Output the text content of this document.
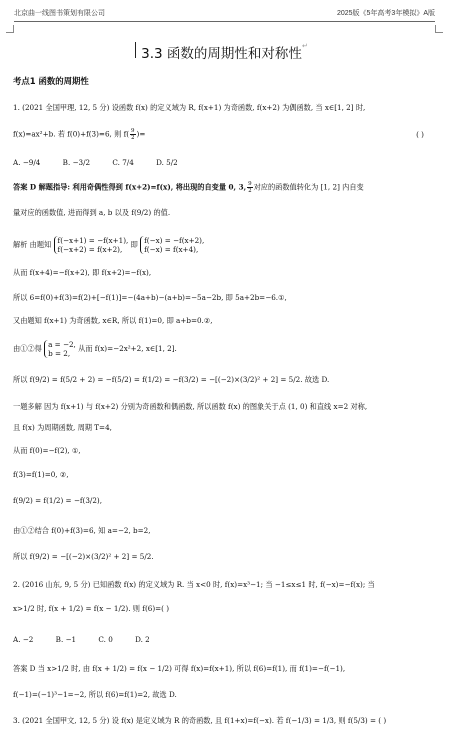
北京曲一线图书策划有限公司	2025版《5年高考3年模拟》A版
3.3 函数的周期性和对称性↵
考点1 函数的周期性
1. (2021 全国甲理, 12, 5 分) 设函数 f(x) 的定义域为 R, f(x+1) 为奇函数, f(x+2) 为偶函数, 当 x∈[1, 2] 时,
f(x)=ax²+b. 若 f(0)+f(3)=6, 则 $f( \frac{9}{2}$ )=	( )
A. −9/4	B. −3/2	C. 7/4	D. 5/2
答案 D 解题指导: 利用奇偶性得到 f(x+2)=f(x), 将出现的自变量 0, 3, $\frac{9}{2}$ 对应的函数值转化为 [1, 2] 内自变
量对应的函数值, 进而得到 a, b 以及 f(9/2) 的值.
解析 由题知 f(−x+1) = −f(x+1),
f(−x+2) = f(x+2),
即 f(−x) = −f(x+2),
f(−x) = f(x+4),
从而 f(x+4)=−f(x+2), 即 f(x+2)=−f(x),
所以 6=f(0)+f(3)=f(2)+[−f(1)]=−(4a+b)−(a+b)=−5a−2b, 即 5a+2b=−6.①,
又由题知 f(x+1) 为奇函数, x∈R, 所以 f(1)=0, 即 a+b=0.②,
由①②得 a = −2,
b = 2,
从而 f(x)=−2x²+2, x∈[1, 2].
所以 f(9/2) = f(5/2 + 2) = −f(5/2) = f(1/2) = −f(3/2) = −[(−2)×(3/2)² + 2] = 5/2. 故选 D.
一题多解 因为 f(x+1) 与 f(x+2) 分别为奇函数和偶函数, 所以函数 f(x) 的图象关于点 (1, 0) 和直线 x=2 对称,
且 f(x) 为周期函数, 周期 T=4,
从而 f(0)=−f(2), ①,
f(3)=f(1)=0, ②,
f(9/2) = f(1/2) = −f(3/2),
由①②结合 f(0)+f(3)=6, 知 a=−2, b=2,
所以 f(9/2) = −[(−2)×(3/2)² + 2] = 5/2.
2. (2016 山东, 9, 5 分) 已知函数 f(x) 的定义域为 R. 当 x<0 时, f(x)=x³−1; 当 −1≤x≤1 时, f(−x)=−f(x); 当
x>1/2 时, f(x + 1/2) = f(x − 1/2). 则 f(6)=( )
A. −2	B. −1	C. 0	D. 2
答案 D 当 x>1/2 时, 由 f(x + 1/2) = f(x − 1/2) 可得 f(x)=f(x+1), 所以 f(6)=f(1), 而 f(1)=−f(−1),
f(−1)=(−1)³−1=−2, 所以 f(6)=f(1)=2, 故选 D.
3. (2021 全国甲文, 12, 5 分) 设 f(x) 是定义域为 R 的奇函数, 且 f(1+x)=f(−x). 若 f(−1/3) = 1/3, 则 f(5/3) = ( )
